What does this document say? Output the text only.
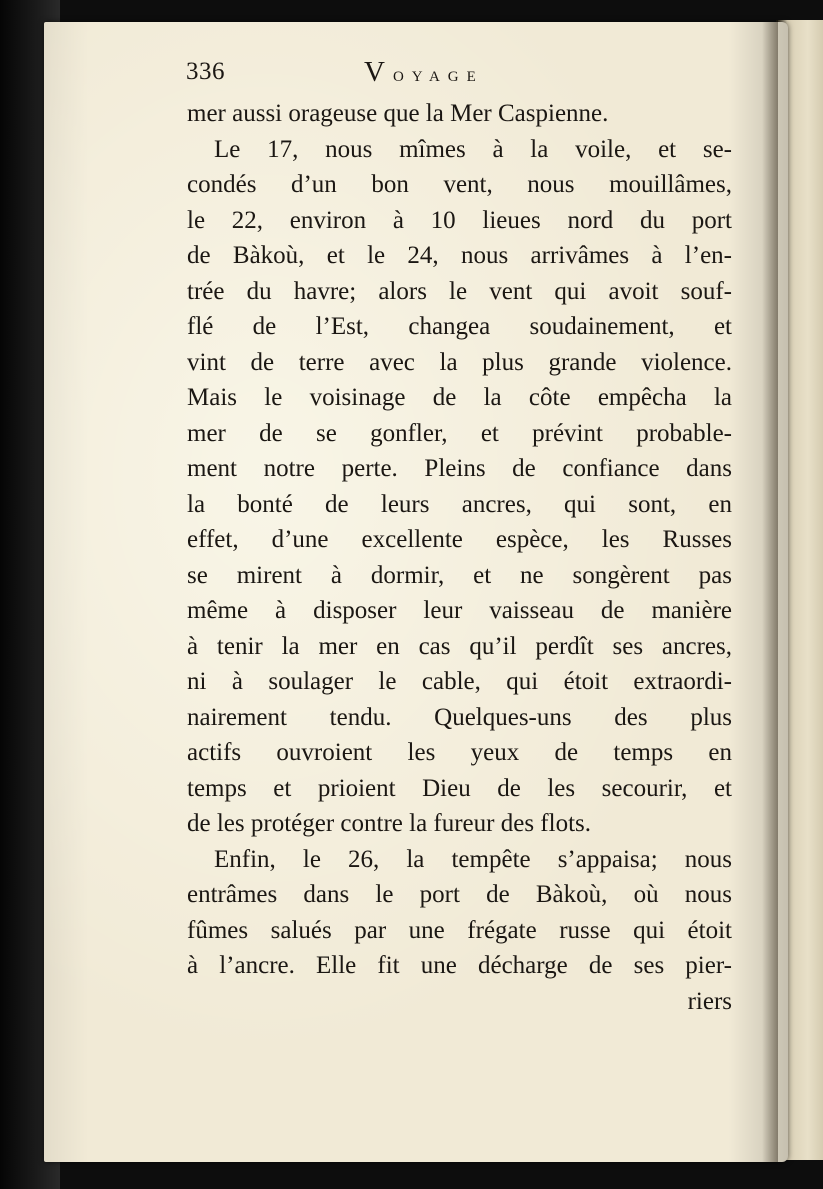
336	voyage
mer aussi orageuse que la Mer Caspienne.
Le 17, nous mîmes à la voile, et se-
condés d’un bon vent, nous mouillâmes,
le 22, environ à 10 lieues nord du port
de Bàkoù, et le 24, nous arrivâmes à l’en-
trée du havre; alors le vent qui avoit souf-
flé de l’Est, changea soudainement, et
vint de terre avec la plus grande violence.
Mais le voisinage de la côte empêcha la
mer de se gonfler, et prévint probable-
ment notre perte. Pleins de confiance dans
la bonté de leurs ancres, qui sont, en
effet, d’une excellente espèce, les Russes
se mirent à dormir, et ne songèrent pas
même à disposer leur vaisseau de manière
à tenir la mer en cas qu’il perdît ses ancres,
ni à soulager le cable, qui étoit extraordi-
nairement tendu. Quelques-uns des plus
actifs ouvroient les yeux de temps en
temps et prioient Dieu de les secourir, et
de les protéger contre la fureur des flots.
Enfin, le 26, la tempête s’appaisa; nous
entrâmes dans le port de Bàkoù, où nous
fûmes salués par une frégate russe qui étoit
à l’ancre. Elle fit une décharge de ses pier-
riers
